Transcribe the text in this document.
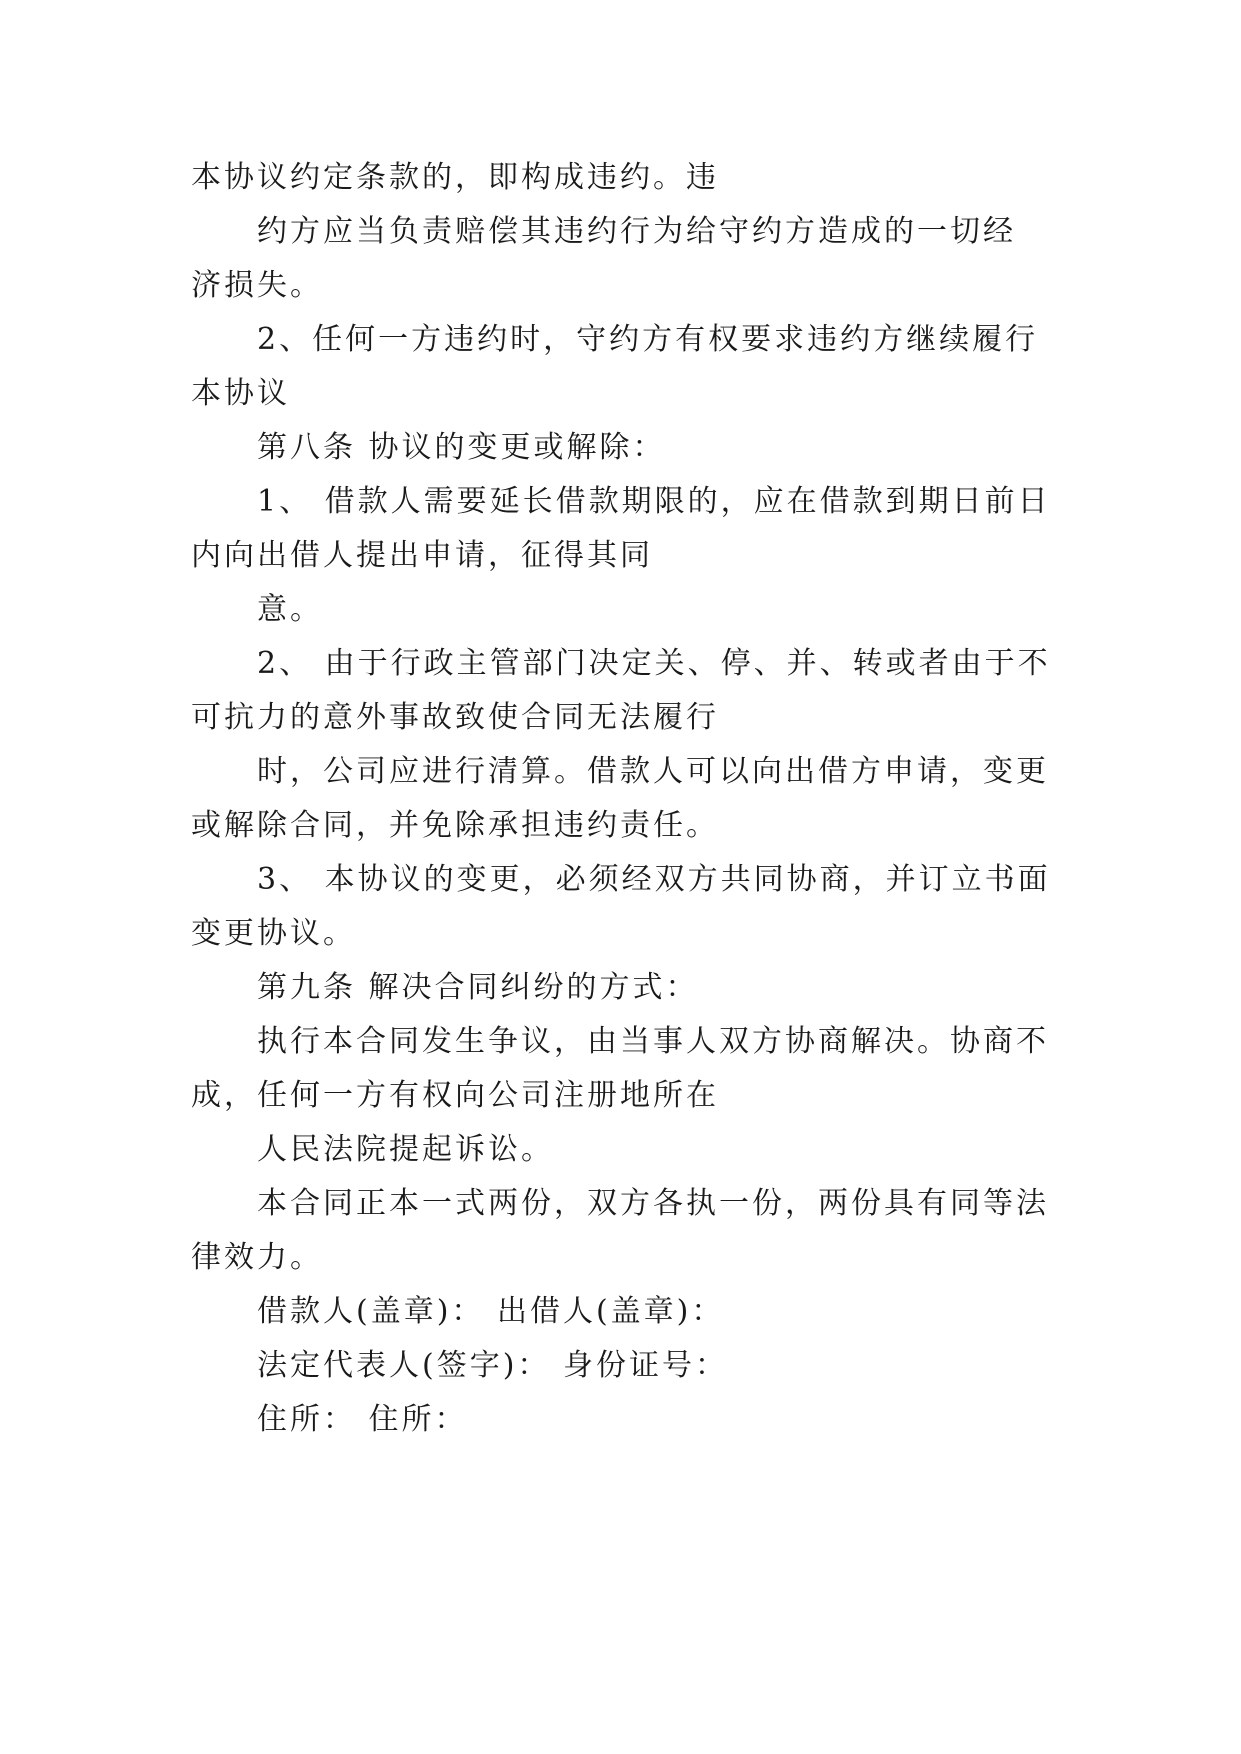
本协议约定条款的，即构成违约。违
约方应当负责赔偿其违约行为给守约方造成的一切经
济损失。
2、任何一方违约时，守约方有权要求违约方继续履行
本协议
第八条 协议的变更或解除：
1、 借款人需要延长借款期限的，应在借款到期日前日
内向出借人提出申请，征得其同
意。
2、 由于行政主管部门决定关、停、并、转或者由于不
可抗力的意外事故致使合同无法履行
时，公司应进行清算。借款人可以向出借方申请，变更
或解除合同，并免除承担违约责任。
3、 本协议的变更，必须经双方共同协商，并订立书面
变更协议。
第九条 解决合同纠纷的方式：
执行本合同发生争议，由当事人双方协商解决。协商不
成，任何一方有权向公司注册地所在
人民法院提起诉讼。
本合同正本一式两份，双方各执一份，两份具有同等法
律效力。
借款人(盖章)： 出借人(盖章)：
法定代表人(签字)： 身份证号：
住所： 住所：
